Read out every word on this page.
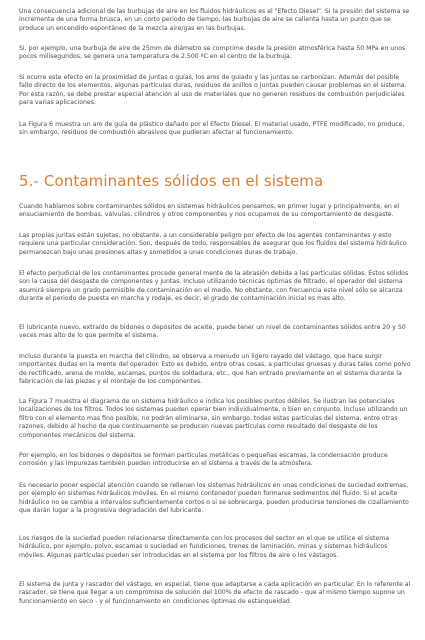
Una consecuencia adicional de las burbujas de aire en los fluidos hidráulicos es el "Efecto Diesel". Si la presión del sistema se incrementa de una forma brusca, en un corto periodo de tiempo, las burbujas de aire se calienta hasta un punto que se produce un encendido espontáneo de la mezcla aire/gas en las burbujas.

Si, por ejemplo, una burbuja de aire de 25mm de diámetro se comprime desde la presión atmosférica hasta 50 MPa en unos pocos milisegundos, se genera una temperatura de 2.500 ºC en el centro de la burbuja.

Si ocurre este efecto en la proximidad de juntas o guías, los aros de guiado y las juntas se carbonizan. Además del posible fallo directo de los elementos, algunas partículas duras, residuos de anillos o juntas pueden causar problemas en el sistema. Por esta razón, se debe prestar especial atención al uso de materiales que no generen residuos de combustión perjudiciales para varias aplicaciones.

La Figura 6 muestra un aro de guía de plástico dañado por el Efecto Diesel. El material usado, PTFE modificado, no produce, sin embargo, residuos de combustión abrasivos que pudieran afectar al funcionamiento.

5.- Contaminantes sólidos en el sistema

Cuando hablamos sobre contaminantes sólidos en sistemas hidráulicos pensamos, en primer lugar y principalmente, en el ensuciamiento de bombas, válvulas, cilindros y otros componentes y nos ocupamos de su comportamiento de desgaste.

Las propias juntas están sujetas, no obstante, a un considerable peligro por efecto de los agentes contaminantes y esto requiere una particular consideración. Son, después de todo, responsables de asegurar que los fluidos del sistema hidráulico permanezcan bajo unas presiones altas y sometidos a unas condiciones duras de trabajo.

El efecto perjudicial de los contaminantes procede general mente de la abrasión debida a las partículas sólidas. Estos sólidos son la causa del desgaste de componentes y juntas. Incluso utilizando técnicas óptimas de filtrado, el operador del sistema asumirá siempre un grado permisible de contaminación en el medio. No obstante, con frecuencia este nivel sólo se alcanza durante el periodo de puesta en marcha y rodaje, es decir, el grado de contaminación inicial es mas alto.

El lubricante nuevo, extraído de bidones o depósitos de aceite, puede tener un nivel de contaminantes sólidos entre 20 y 50 veces mas alto de lo que permite el sistema.

Incluso durante la puesta en marcha del cilindro, se observa a menudo un ligero rayado del vástago, que hace surgir importantes dudas en la mente del operador. Esto es debido, entre otras cosas, a partículas gruesas y duras tales como polvo de rectificado, arena de molde, escamas, puntos de soldadura, etc., que han entrado previamente en el sistema durante la fabricación de las piezas y el montaje de los componentes.

La Figura 7 muestra el diagrama de un sistema hidráulico e indica los posibles puntos débiles. Se ilustran las potenciales localizaciones de los filtros. Todos los sistemas pueden operar bien individualmente, o bien en conjunto. Incluso utilizando un filtro con el elemento mas fino posible, no podrán eliminarse, sin embargo, todas estas partículas del sistema, entre otras razones, debido al hecho de que continuamente se producen nuevas partículas como resultado del desgaste de los componentes mecánicos del sistema.

Por ejemplo, en los bidones o depósitos se forman partículas metálicas o pequeñas escamas, la condensación produce corrosión y las impurezas también pueden introducirse en el sistema a través de la atmósfera.

Es necesario poner especial atención cuando se rellenen los sistemas hidráulicos en unas condiciones de suciedad extremas, por ejemplo en sistemas hidráulicos móviles. En el mismo contenedor pueden formarse sedimentos del fluido. Si el aceite hidráulico no se cambia a intervalos suficientemente cortos o si se sobrecarga, pueden producirse tensiones de cizallamiento que darán lugar a la progresiva degradación del lubricante.

Los riesgos de la suciedad pueden relacionarse directamente con los procesos del sector en el que se utilice el sistema hidráulico, por ejemplo, polvo, escamas o suciedad en fundiciones, trenes de laminación, minas y sistemas hidráulicos móviles. Algunas partículas pueden ser introducidas en el sistema por los filtros de aire o los vástagos.

El sistema de junta y rascador del vástago, en especial, tiene que adaptarse a cada aplicación en particular. En lo referente al rascador, se tiene que llegar a un compromiso de solución del 100% de efecto de rascado - que al mismo tiempo supone un funcionamiento en seco - y el funcionamiento en condiciones óptimas de estanqueidad.
